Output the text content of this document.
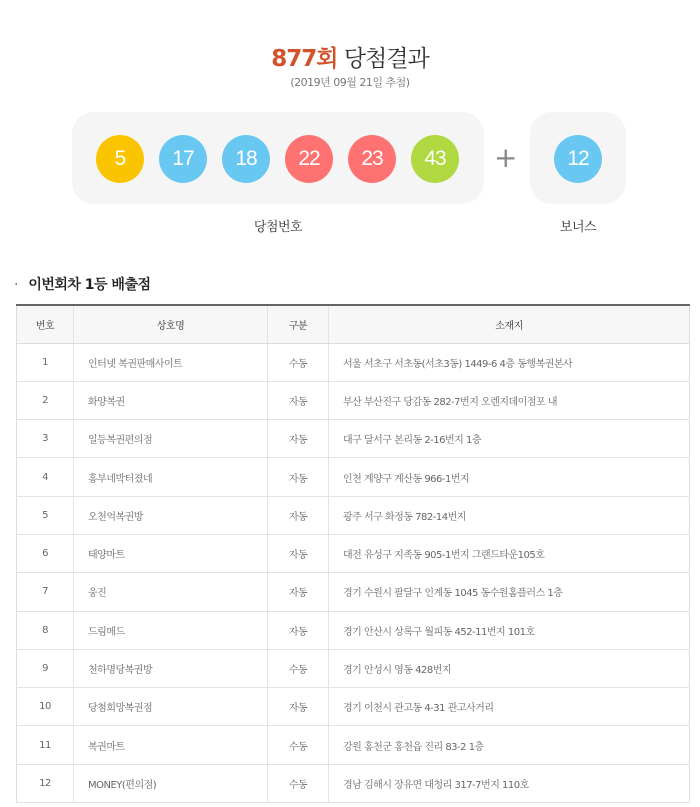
877회 당첨결과
(2019년 09월 21일 추첨)
5	17	18	22	23	43	+	12
당첨번호	보너스
· 이번회차 1등 배출점
번호	상호명	구분	소재지
1	인터넷 복권판매사이트	수동	서울 서초구 서초동(서초3동) 1449-6 4층 동행복권본사
2	화양복권	자동	부산 부산진구 당감동 282-7번지 오렌지데이점포 내
3	일등복권편의점	자동	대구 달서구 본리동 2-16번지 1층
4	홍부네박터졌네	자동	인천 계양구 계산동 966-1번지
5	오천억복권방	자동	광주 서구 화정동 782-14번지
6	태양마트	자동	대전 유성구 지족동 905-1번지 그랜드타운105호
7	웅진	자동	경기 수원시 팔달구 인계동 1045 동수원홈플러스 1층
8	드림메드	자동	경기 안산시 상록구 월피동 452-11번지 101호
9	천하명당복권방	수동	경기 안성시 영동 428번지
10	당첨희망복권점	자동	경기 이천시 관고동 4-31 관고사거리
11	복권마트	수동	강원 홍천군 홍천읍 진리 83-2 1층
12	MONEY(편의점)	수동	경남 김해시 장유면 대청리 317-7번지 110호
